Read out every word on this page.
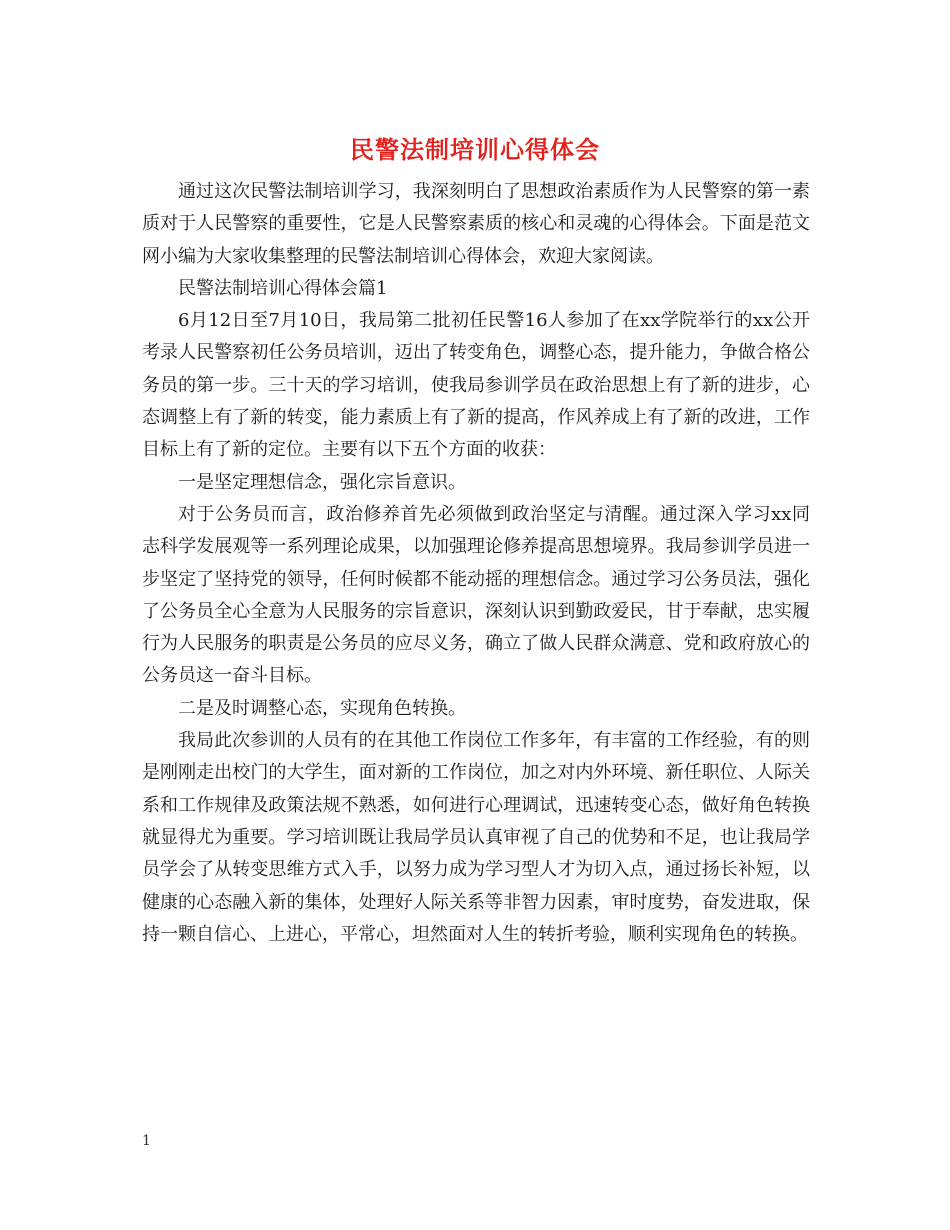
民警法制培训心得体会

通过这次民警法制培训学习，我深刻明白了思想政治素质作为人民警察的第一素质对于人民警察的重要性，它是人民警察素质的核心和灵魂的心得体会。下面是范文网小编为大家收集整理的民警法制培训心得体会，欢迎大家阅读。

民警法制培训心得体会篇1

6月12日至7月10日，我局第二批初任民警16人参加了在xx学院举行的xx公开考录人民警察初任公务员培训，迈出了转变角色，调整心态，提升能力，争做合格公务员的第一步。三十天的学习培训，使我局参训学员在政治思想上有了新的进步，心态调整上有了新的转变，能力素质上有了新的提高，作风养成上有了新的改进，工作目标上有了新的定位。主要有以下五个方面的收获：

一是坚定理想信念，强化宗旨意识。

对于公务员而言，政治修养首先必须做到政治坚定与清醒。通过深入学习xx同志科学发展观等一系列理论成果，以加强理论修养提高思想境界。我局参训学员进一步坚定了坚持党的领导，任何时候都不能动摇的理想信念。通过学习公务员法，强化了公务员全心全意为人民服务的宗旨意识，深刻认识到勤政爱民，甘于奉献，忠实履行为人民服务的职责是公务员的应尽义务，确立了做人民群众满意、党和政府放心的公务员这一奋斗目标。

二是及时调整心态，实现角色转换。

我局此次参训的人员有的在其他工作岗位工作多年，有丰富的工作经验，有的则是刚刚走出校门的大学生，面对新的工作岗位，加之对内外环境、新任职位、人际关系和工作规律及政策法规不熟悉，如何进行心理调试，迅速转变心态，做好角色转换就显得尤为重要。学习培训既让我局学员认真审视了自己的优势和不足，也让我局学员学会了从转变思维方式入手，以努力成为学习型人才为切入点，通过扬长补短，以健康的心态融入新的集体，处理好人际关系等非智力因素，审时度势，奋发进取，保持一颗自信心、上进心，平常心，坦然面对人生的转折考验，顺利实现角色的转换。

1
